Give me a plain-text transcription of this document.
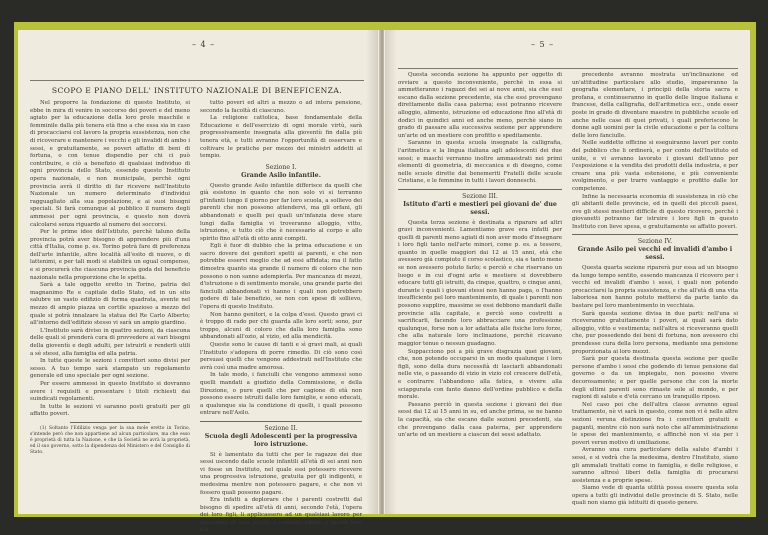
– 4 –
SCOPO E PIANO DELL' INSTITUTO NAZIONALE DI BENEFICENZA.

Nel proporre la fondazione di questo Instituto, si ebbe in mira di venire in soccorso dei poveri e del meno agiato per la educazione della loro prole maschile e femminile dalla più tenera età fino a che essa sia in caso di procacciarsi col lavoro la propria sussistenza, non che di ricoverare e mantenere i vecchi e gli invalidi di ambo i sessi, e gratuitamente, se poveri affatto di beni di fortuna, o con tenue dispendio per chi ci può contribuire, e ciò a benefizio di qualsiasi individuo di ogni provincia dello Stato, essendo questo Instituto opera nazionale, e non municipale, perchè ogni provincia avrà il diritto di far ricevere nell'Instituto Nazionale un numero determinato d'individui ragguagliato alla sua popolazione, e ai suoi bisogni speciali. Si farà comunque al pubblico il numero degli ammessi per ogni provincia, e questo non dovrà calcolarsi senza riguardo al numero dei soccorsi.

Per le prime idee dell'Istituto, perchè taluno della provincia potrà aver bisogno di apprendere più d'una città d'Italia, come p. es. Torino potrà fare di preferenza dell'arte infantile, altre località all'esito di nuove, o di lattenimi, e per tali modi si stabilirà un egual compenso, e si procurerà che ciascuna provincia goda del beneficio nazionale nella proporzione che le spetta.

Sarà a tale oggetto eretto in Torino, patria del magnanimo Re e capitale dello Stato, ed in un sito salubre un vasto edifizio di forma quadrata, avente nel mezzo di ampio piazza un cortile spazioso a mezzo del quale si potrà innalzare la statua del Re Carlo Alberto; all'intorno dell'edifizio stesso vi sarà un ampio giardino.

L'Instituto sarà diviso in quattro sezioni, da ciascuna delle quali si prenderà cura di provvedere ai vari bisogni della gioventù e degli adulti, per istruirli e renderli utili a sè stessi, alla famiglia ed alla patria.

In tutte queste le sezioni i convittori sono divisi per sesso. A tuo tempo sarà stampato un regolamento generale ed uno speciale per ogni sezione.

Per essere ammessi in questo Instituto si dovranno avere i requisiti e presentare i titoli richiesti dai suindicati regolamenti.

In tutte le sezioni vi saranno posti gratuiti per gli affatto poveri.

(1) Soltanto l'Edilizio venga per la sua mole eretto in Torino, s'intende però che non appartiene ad alcun particolare, ma che esso è proprietà di tutta la Nazione, e che la Società ne avrà la proprietà, ed il suo governo, sotto la dipendenza del Ministero e del Consiglio di Stato.

tutto poveri ed altri a mezzo o ad intera pensione, secondo la facoltà di ciascuno.

La religione cattolica, base fondamentale della Educazione e dell'esercizio di ogni morale virtù, sarà progressivamente insegnata alla gioventù fin dalla più tenera età, e tutti avranno l'opportunità di osservare e coltivare le pratiche per mezzo dei ministri addetti al tempio.

Sezione I.
Grande Asilo infantile.

Questo grande Asilo infantile differisce da quelli che già esistono in quanto che non solo vi si terranno gl'infanti lungo il giorno per far loro scuola, a sollievo dei parenti che non possono attendervi, ma gli orfani, gli abbandonati e quelli pei quali un'infanzia deve stare lungi dalla famiglia vi troveranno alloggio, vitto, istruzione, e tutto ciò che è necessario al corpo e allo spirito fino all'età di otto anni compiti.

Egli è fuor di dubbio che la prima educazione e un sacro dovere dei genitori spetti ai parenti, e che non potrebbe esservi meglio che ad essi affidata; ma il fatto dimostra quanto sia grande il numero di coloro che non possono o non sanno adempierla. Per mancanza di mezzi, d'istruzione o di sentimento morale, una grande parte dei fanciulli abbandonati vi hanno i quali non potrebbero godere di tale benefizio, se non con spese di sollievo, l'opera di questo Instituto.

Non hanno genitori, e la colpa d'essi. Questo gravi ci è troppo di rado per chi guarda alle loro sorti; sono, pur troppo, alcuni di coloro che dalla loro famiglia sono abbandonati all'ozio, al vizio, ed alla mendicità.

Queste sono le cause di tanti e sì gravi mali, ai quali l'Instituto s'adopera di porre rimedio. Di ciò sono così persuasi quelli che vengono addestrati nell'Instituto che avrà così una madre amorosa.

In tale modo, i fanciulli che vengono ammessi sono quelli mandati a giudizio della Commissione, e della Direzione, o pure quelli che per cagione di età non possono essere istruiti dalle loro famiglie, e sono educati, a qualunque sia la condizione di quelli, i quali possono entrare nell'Asilo.

Sezione II.
Scuola degli Adolescenti per la progressiva loro istruzione.

Si è lamentato da tutti che per le ragazze dei due sessi uscendo dalle scuole infantili all'età di sei anni non vi fosse un Instituto, nel quale essi potessero ricevere una progressiva istruzione, gratuita per gli indigenti, e medesima mentre non potessero pagare, e che non vi fossero quali possono pagare.

Era infatti a deplorare che i parenti costretti dal bisogno di spedire all'età di anni, secondo l'età, l'opera dei loro figli, li applicassero ad un qualsiasi lavoro per mancanza di una scuola o convitto adatto a quelle loro età.

– 5 –

Questa seconda sezione ha appunto per oggetto di ovviare a questo inconveniente, perchè in essa si ammetteranno i ragazzi dei sei ai nove anni, sia che essi escano dalla sezione precedente, sia che essi provengano direttamente dalla casa paterna; essi potranno ricevere alloggio, alimento, istruzione ed educazione fino all'età di dodici in quindici anni ed anche meno, perchè siano in grado di passare alla successiva sezione per apprendere un'arte od un mestiere con profitto e speditamente.

Saranno in questa scuola insegnate la calligrafia, l'aritmetica e la lingua italiana agli adolescenti dei due sessi; e maschi verranno inoltre ammaestrati nei primi elementi di geometria, di meccanica e di disegno, come nelle scuole dirette dai benemeriti Fratelli delle scuole Cristiane, e le femmine in tutti i lavori donneschi.

Sezione III.
Istituto d'arti e mestieri pei giovani de' due sessi.

Questa terza sezione è destinata a riparare ad altri gravi inconvenienti. Lamentiamo grave era infatti per quelli di parenti meno agiati di non aver modo d'insegnare i loro figli tanto nell'arte minori, come p. es. a tessere, quanto in quelle maggiori dai 12 ai 15 anni, età che avessero già compiuto il corso scolastico, sia e tanto meno se non avessero potuto farlo; e perciò e che riservano un luogo e in cui d'ogni arte e mestiere si dovrebbero educare tutti gli istruiti, da cinque, quattro, o cinque anni, durante i quali i giovani stessi non hanno paga, o l'hanno insufficiente pel loro mantenimento, di quale i parenti non possono supplire, massime se essi debbono mandarli dalle provincie alla capitale, e perciò sono costretti a sacrificarli, facendo loro abbracciare una professione qualunque, forse non a lor adattata alle fisiche loro forze, che alla naturale loro inclinazione, perchè ricavano maggior tenue o nessun guadagno.

Suppacciono poi a più grave disgrazia quei giovani, che, non potendo occuparsi in un modo qualunque i loro figli, sono della dura necessità di lasciarli abbandonati nelle vie, o passando di vizio in vizio col crescere dell'età, e contrarre l'abbandono alla fatica, e vivere alla sciapgurata con fanto danno dell'ordine pubblico e della morale.

Passano perciò in questa sezione i giovani dei due sessi dai 12 ai 15 anni in su, ed anche prima, se ne hanno la capacità, sia che escano dalle sezioni precedenti, sia che provengano dalla casa paterna, per apprendere un'arte od un mestiere a ciascun dei sessi adattato.

precedente avranno mostrata un'inclinazione ed un'attitudine particolare allo studio, impareranno la geografia elementare, i principii della storia sacra e profana, e continueranno in quello delle lingue italiana e francese, della calligrafia, dell'aritmetica ecc., onde esser poste in grado di diventare maestre in pubbliche scuole ed anche nelle case di quei privati, i quali preferiscono le donne agli uomini per la civile educazione e per la coltura delle loro fanciulle.

Nelle suddette officine si eseguiranno lavori per conto del pubblico che li ordinerà, e per conto dell'Instituto ed unite, e vi avranno lavorato i giovani dell'anno per l'esposizione e la vendita dei prodotti della industria, e per creare una più vasta estensione, e più conveniente svolgimento, e per trarre vantaggio e profitto dalle lor competenze.

Infine la necessaria economia di sussistenza in ciò che gli abitanti delle provincie, ed in quelli dei piccoli paesi, ove gli stessi mestieri difficile di questo ricovero, perchè i giovanetti potranno far istruire i loro figli in questo Instituto con lieve spesa, e gratuitamente se affatto poveri.

Sezione IV.
Grande Asilo pei vecchi ed invalidi d'ambo i sessi.

Questa quarta sezione riparerà pur essa ad un bisogno da lungo tempo sentito, essendo mancanza il ricovero per i vecchi ed invalidi d'ambo i sessi, i quali non potendo procacciarsi la propria sussistenza, e che all'età di una vita laboriosa non hanno potuto mettersi da parte tanto da bastare pel loro mantenimento in vecchiaia.

Sarà questa sezione divisa in due parti: nell'una si riceveranno gratuitamente i poveri, ai quali sarà dato alloggio, vitto e vestimenta; nell'altra si riceveranno quelli che, pur possedendo dei beni di fortuna, non avessero chi prendesse cura della loro persona, mediante una pensione proporzionata ai loro mezzi.

Sarà pur questa destinata questa sezione per quelle persone d'ambo i sessi che godendo di tenue pensione dal governo o da un impiegato, non possono vivere decorosamente; e per quelle persone che con la morte degli ultimi parenti sono rimaste sole al mondo, e per ragioni di salute e d'età cercano un tranquillo riposo.

Nel caso poi che dell'altra classe avranno egual trattamento, nè vi sarà in questo, come non vi è nelle altre sezioni veruna distinzione fra i convittori gratuiti e paganti, mentre ciò non sarà noto che all'amministrazione le spese dei mantenimento, e affinchè non vi sia per i poveri verun motivo di umiliazione.

Avranno una cura particolare della salute d'ambi i sessi, e si vedrà che la medesima, dentro l'Instituto, siano gli ammalati trattati come in famiglia, e delle religiose, e saranno altresì liberi della famiglia di procurarsi assistenza e a proprie spese.

Siamo vede di quanta utilità possa essere questa sola opera a tutti gli individui delle provincie di S. Stato, nelle quali non siamo già istituiti di questo genere.
